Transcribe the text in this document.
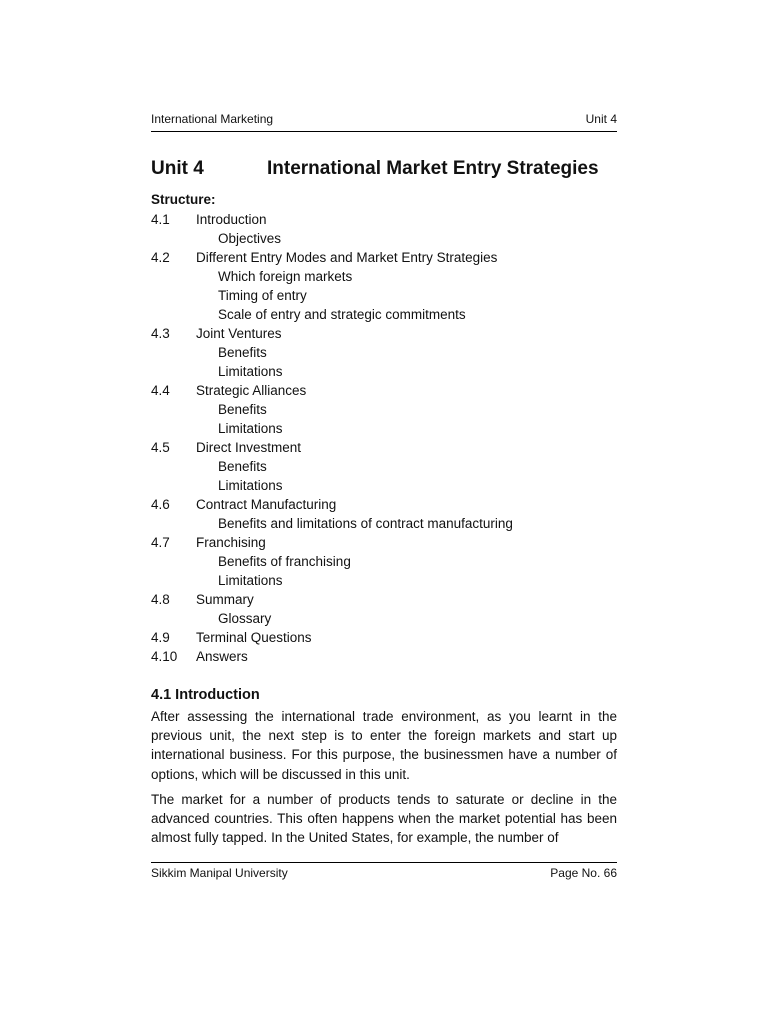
International Marketing	Unit 4
Unit 4	International Market Entry Strategies
Structure:
4.1	Introduction
Objectives
4.2	Different Entry Modes and Market Entry Strategies
Which foreign markets
Timing of entry
Scale of entry and strategic commitments
4.3	Joint Ventures
Benefits
Limitations
4.4	Strategic Alliances
Benefits
Limitations
4.5	Direct Investment
Benefits
Limitations
4.6	Contract Manufacturing
Benefits and limitations of contract manufacturing
4.7	Franchising
Benefits of franchising
Limitations
4.8	Summary
Glossary
4.9	Terminal Questions
4.10	Answers
4.1 Introduction

After assessing the international trade environment, as you learnt in the previous unit, the next step is to enter the foreign markets and start up international business. For this purpose, the businessmen have a number of options, which will be discussed in this unit.

The market for a number of products tends to saturate or decline in the advanced countries. This often happens when the market potential has been almost fully tapped. In the United States, for example, the number of

Sikkim Manipal University	Page No. 66
